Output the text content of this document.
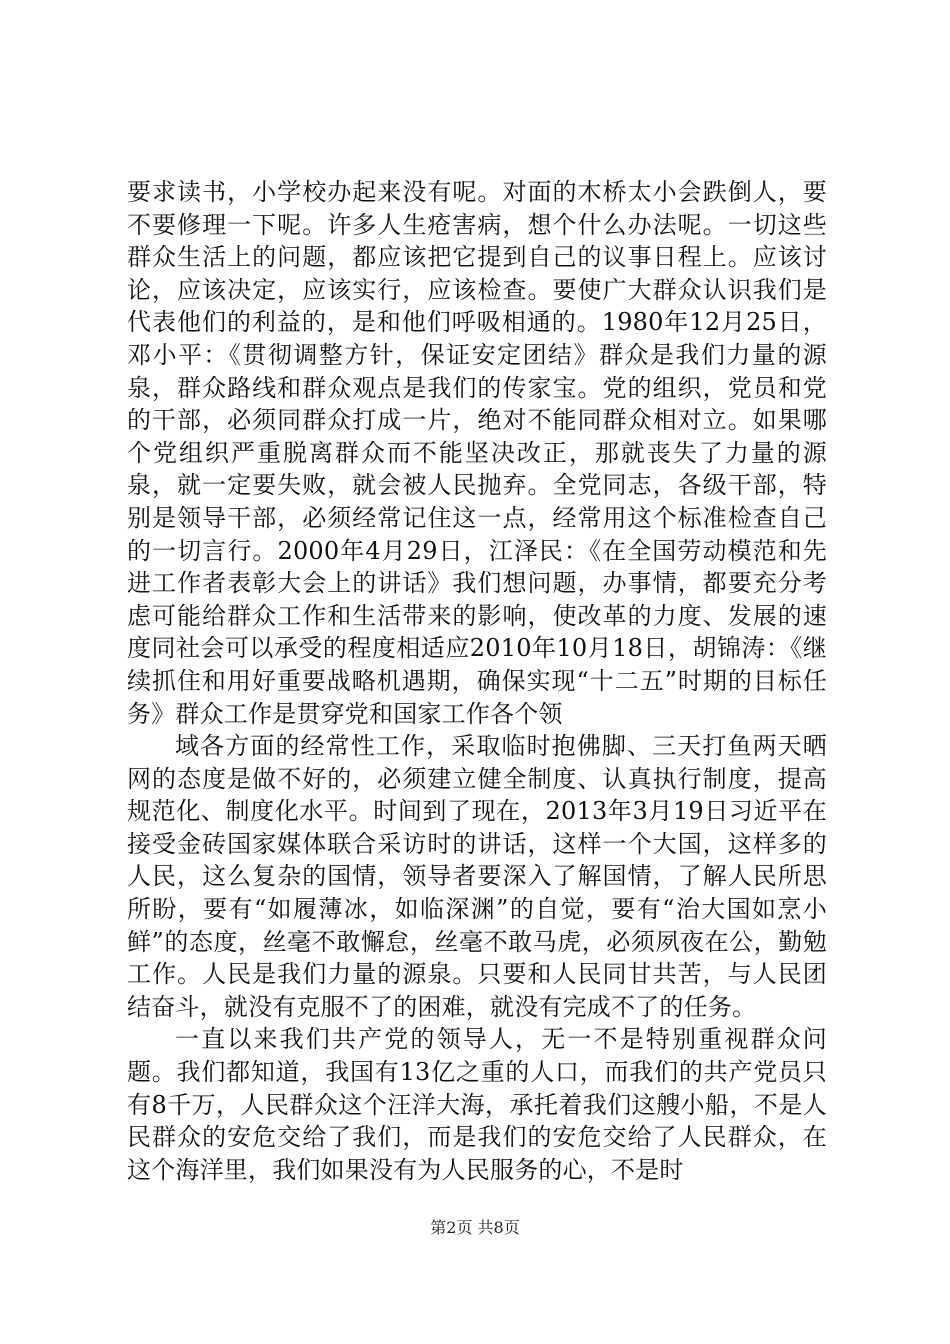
要求读书，小学校办起来没有呢。对面的木桥太小会跌倒人，要不要修理一下呢。许多人生疮害病，想个什么办法呢。一切这些群众生活上的问题，都应该把它提到自己的议事日程上。应该讨论，应该决定，应该实行，应该检查。要使广大群众认识我们是代表他们的利益的，是和他们呼吸相通的。1980年12月25日，邓小平：《贯彻调整方针，保证安定团结》群众是我们力量的源泉，群众路线和群众观点是我们的传家宝。党的组织，党员和党的干部，必须同群众打成一片，绝对不能同群众相对立。如果哪个党组织严重脱离群众而不能坚决改正，那就丧失了力量的源泉，就一定要失败，就会被人民抛弃。全党同志，各级干部，特别是领导干部，必须经常记住这一点，经常用这个标准检查自己的一切言行。2000年4月29日，江泽民：《在全国劳动模范和先进工作者表彰大会上的讲话》我们想问题，办事情，都要充分考虑可能给群众工作和生活带来的影响，使改革的力度、发展的速度同社会可以承受的程度相适应2010年10月18日，胡锦涛：《继续抓住和用好重要战略机遇期，确保实现“十二五”时期的目标任务》群众工作是贯穿党和国家工作各个领

域各方面的经常性工作，采取临时抱佛脚、三天打鱼两天晒网的态度是做不好的，必须建立健全制度、认真执行制度，提高规范化、制度化水平。时间到了现在，2013年3月19日习近平在接受金砖国家媒体联合采访时的讲话，这样一个大国，这样多的人民，这么复杂的国情，领导者要深入了解国情，了解人民所思所盼，要有“如履薄冰，如临深渊”的自觉，要有“治大国如烹小鲜”的态度，丝毫不敢懈怠，丝毫不敢马虎，必须夙夜在公，勤勉工作。人民是我们力量的源泉。只要和人民同甘共苦，与人民团结奋斗，就没有克服不了的困难，就没有完成不了的任务。

一直以来我们共产党的领导人，无一不是特别重视群众问题。我们都知道，我国有13亿之重的人口，而我们的共产党员只有8千万，人民群众这个汪洋大海，承托着我们这艘小船，不是人民群众的安危交给了我们，而是我们的安危交给了人民群众，在这个海洋里，我们如果没有为人民服务的心，不是时

第2页 共8页
